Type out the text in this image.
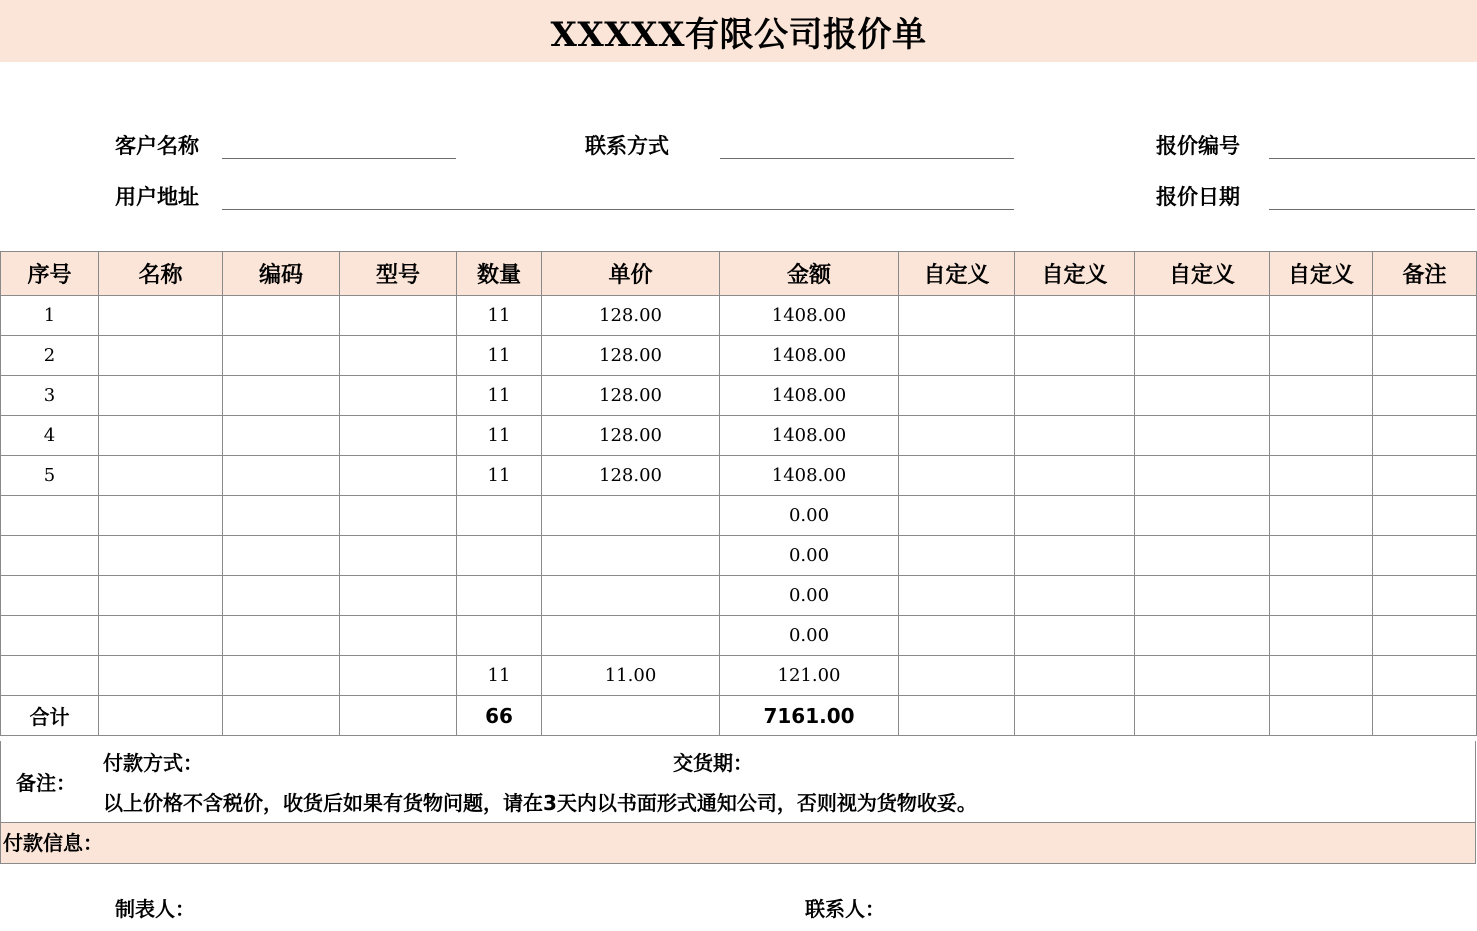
XXXXX有限公司报价单
客户名称	联系方式	报价编号
用户地址	报价日期
序号	名称	编码	型号	数量	单价	金额	自定义	自定义	自定义	自定义	备注
1				11	128.00	1408.00					
2				11	128.00	1408.00					
3				11	128.00	1408.00					
4				11	128.00	1408.00					
5				11	128.00	1408.00					
						0.00					
						0.00					
						0.00					
						0.00					
				11	11.00	121.00					
合计				66		7161.00					
备注：
付款方式：	交货期：
以上价格不含税价，收货后如果有货物问题，请在3天内以书面形式通知公司，否则视为货物收妥。
付款信息：
制表人：	联系人：
